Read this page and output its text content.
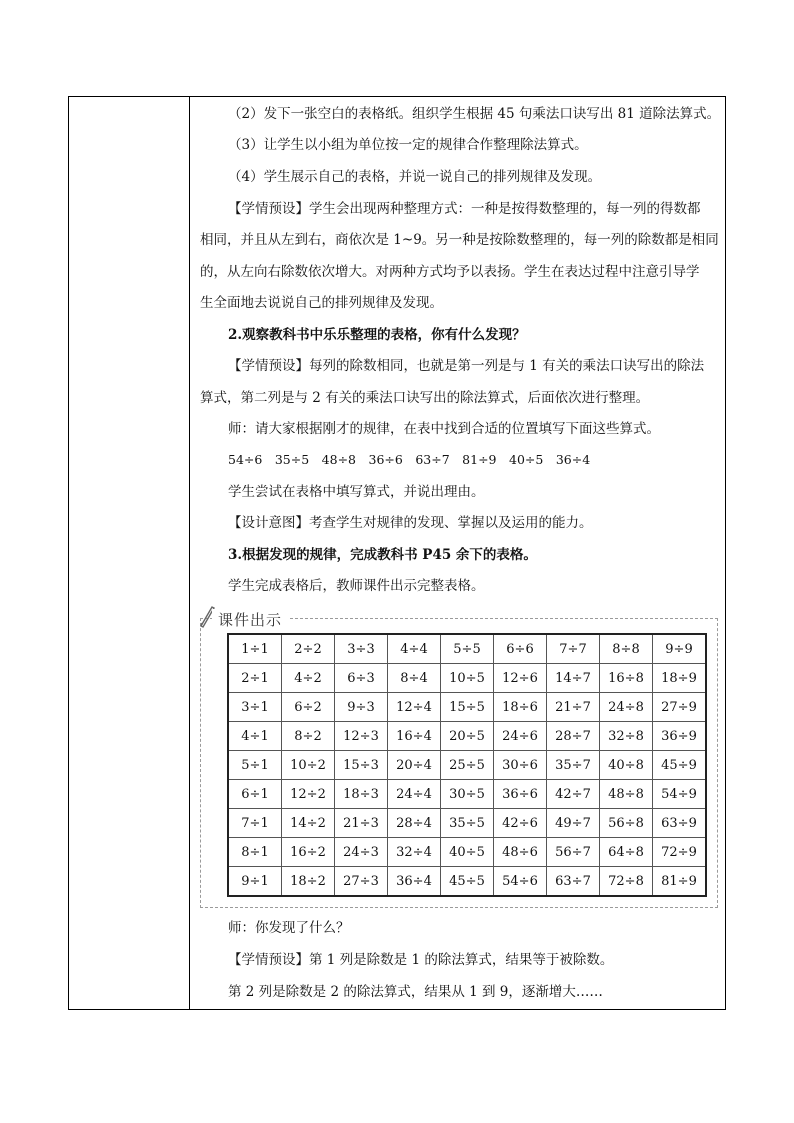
（2）发下一张空白的表格纸。组织学生根据 45 句乘法口诀写出 81 道除法算式。
（3）让学生以小组为单位按一定的规律合作整理除法算式。
（4）学生展示自己的表格，并说一说自己的排列规律及发现。
【学情预设】学生会出现两种整理方式：一种是按得数整理的，每一列的得数都
相同，并且从左到右，商依次是 1~9。另一种是按除数整理的，每一列的除数都是相同
的，从左向右除数依次增大。对两种方式均予以表扬。学生在表达过程中注意引导学
生全面地去说说自己的排列规律及发现。
2.观察教科书中乐乐整理的表格，你有什么发现？
【学情预设】每列的除数相同，也就是第一列是与 1 有关的乘法口诀写出的除法
算式，第二列是与 2 有关的乘法口诀写出的除法算式，后面依次进行整理。
师：请大家根据刚才的规律，在表中找到合适的位置填写下面这些算式。
54÷6　35÷5　48÷8　36÷6　63÷7　81÷9　40÷5　36÷4
学生尝试在表格中填写算式，并说出理由。
【设计意图】考查学生对规律的发现、掌握以及运用的能力。
3.根据发现的规律，完成教科书 P45 余下的表格。
学生完成表格后，教师课件出示完整表格。
课件出示
1÷1	2÷2	3÷3	4÷4	5÷5	6÷6	7÷7	8÷8	9÷9
2÷1	4÷2	6÷3	8÷4	10÷5	12÷6	14÷7	16÷8	18÷9
3÷1	6÷2	9÷3	12÷4	15÷5	18÷6	21÷7	24÷8	27÷9
4÷1	8÷2	12÷3	16÷4	20÷5	24÷6	28÷7	32÷8	36÷9
5÷1	10÷2	15÷3	20÷4	25÷5	30÷6	35÷7	40÷8	45÷9
6÷1	12÷2	18÷3	24÷4	30÷5	36÷6	42÷7	48÷8	54÷9
7÷1	14÷2	21÷3	28÷4	35÷5	42÷6	49÷7	56÷8	63÷9
8÷1	16÷2	24÷3	32÷4	40÷5	48÷6	56÷7	64÷8	72÷9
9÷1	18÷2	27÷3	36÷4	45÷5	54÷6	63÷7	72÷8	81÷9
师：你发现了什么？
【学情预设】第 1 列是除数是 1 的除法算式，结果等于被除数。
第 2 列是除数是 2 的除法算式，结果从 1 到 9，逐渐增大……
